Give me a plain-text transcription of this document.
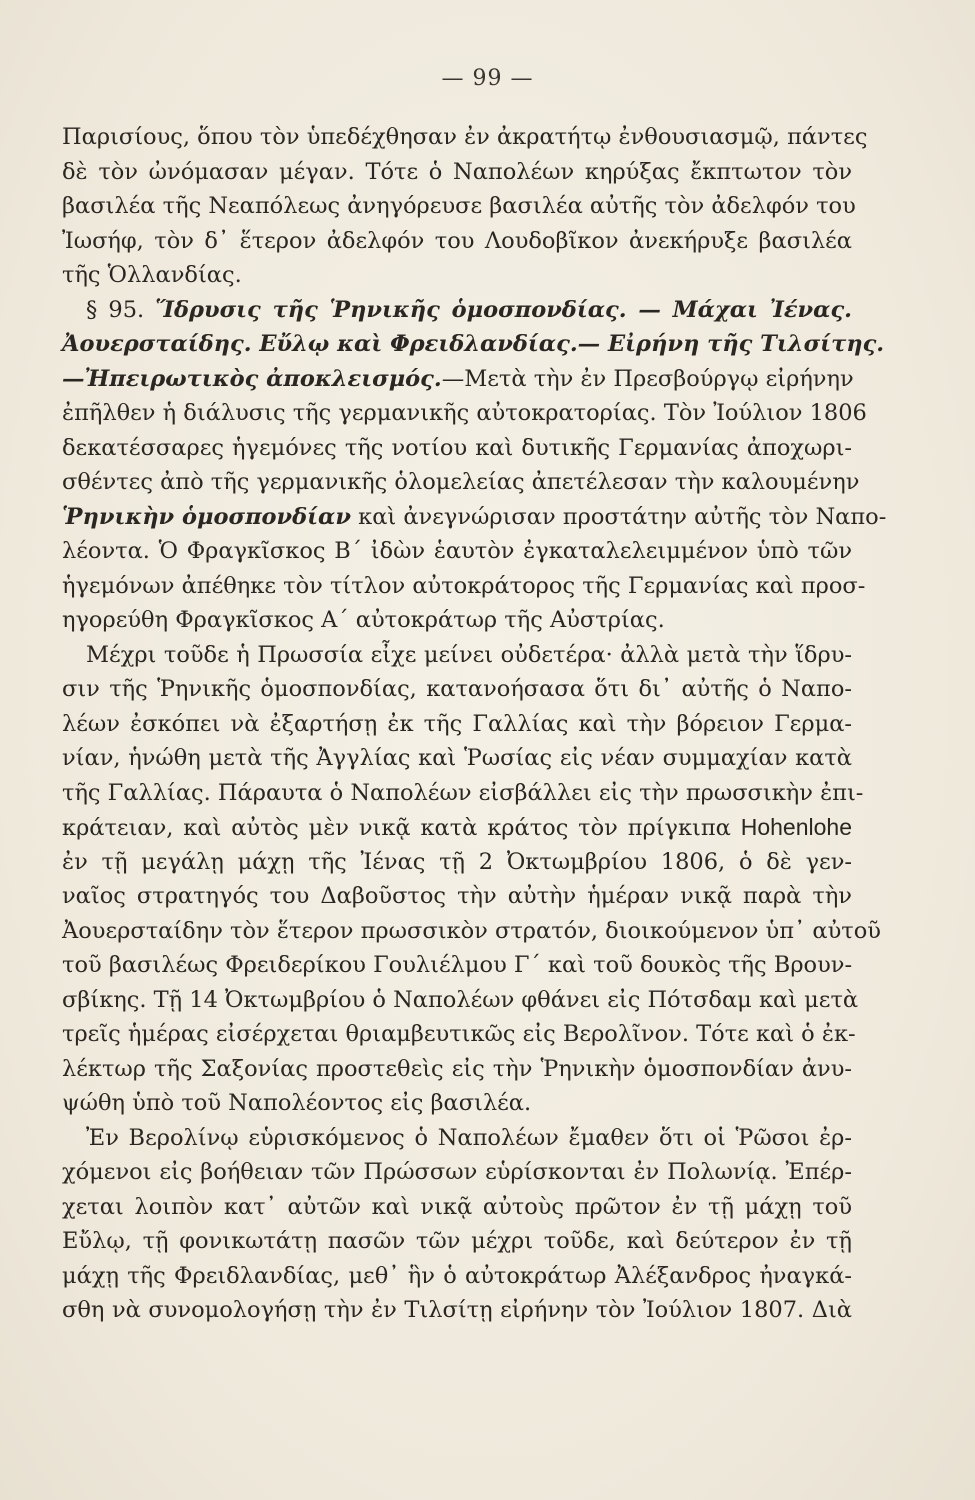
— 99 —
Παρισίους, ὅπου τὸν ὑπεδέχθησαν ἐν ἀκρατήτῳ ἐνθουσιασμῷ, πάντες
δὲ τὸν ὠνόμασαν μέγαν. Τότε ὁ Ναπολέων κηρύξας ἔκπτωτον τὸν
βασιλέα τῆς Νεαπόλεως ἀνηγόρευσε βασιλέα αὐτῆς τὸν ἀδελφόν του
Ἰωσήφ, τὸν δ᾽ ἕτερον ἀδελφόν του Λουδοβῖκον ἀνεκήρυξε βασιλέα
τῆς Ὁλλανδίας.
§ 95. Ἵδρυσις τῆς Ῥηνικῆς ὁμοσπονδίας. — Μάχαι Ἰένας.
Ἀουερσταίδης. Εὔλῳ καὶ Φρειδλανδίας.— Εἰρήνη τῆς Τιλσίτης.
—Ἠπειρωτικὸς ἀποκλεισμός.—Μετὰ τὴν ἐν Πρεσβούργῳ εἰρήνην
ἐπῆλθεν ἡ διάλυσις τῆς γερμανικῆς αὐτοκρατορίας. Τὸν Ἰούλιον 1806
δεκατέσσαρες ἡγεμόνες τῆς νοτίου καὶ δυτικῆς Γερμανίας ἀποχωρι-
σθέντες ἀπὸ τῆς γερμανικῆς ὁλομελείας ἀπετέλεσαν τὴν καλουμένην
Ῥηνικὴν ὁμοσπονδίαν καὶ ἀνεγνώρισαν προστάτην αὐτῆς τὸν Ναπο-
λέοντα. Ὁ Φραγκῖσκος Β´ ἰδὼν ἑαυτὸν ἐγκαταλελειμμένον ὑπὸ τῶν
ἡγεμόνων ἀπέθηκε τὸν τίτλον αὐτοκράτορος τῆς Γερμανίας καὶ προσ-
ηγορεύθη Φραγκῖσκος Α´ αὐτοκράτωρ τῆς Αὐστρίας.
Μέχρι τοῦδε ἡ Πρωσσία εἶχε μείνει οὐδετέρα· ἀλλὰ μετὰ τὴν ἵδρυ-
σιν τῆς Ῥηνικῆς ὁμοσπονδίας, κατανοήσασα ὅτι δι᾽ αὐτῆς ὁ Ναπο-
λέων ἐσκόπει νὰ ἐξαρτήσῃ ἐκ τῆς Γαλλίας καὶ τὴν βόρειον Γερμα-
νίαν, ἡνώθη μετὰ τῆς Ἀγγλίας καὶ Ῥωσίας εἰς νέαν συμμαχίαν κατὰ
τῆς Γαλλίας. Πάραυτα ὁ Ναπολέων εἰσβάλλει εἰς τὴν πρωσσικὴν ἐπι-
κράτειαν, καὶ αὐτὸς μὲν νικᾷ κατὰ κράτος τὸν πρίγκιπα Hohenlohe
ἐν τῇ μεγάλῃ μάχῃ τῆς Ἰένας τῇ 2 Ὀκτωμβρίου 1806, ὁ δὲ γεν-
ναῖος στρατηγός του Δαβοῦστος τὴν αὐτὴν ἡμέραν νικᾷ παρὰ τὴν
Ἀουερσταίδην τὸν ἕτερον πρωσσικὸν στρατόν, διοικούμενον ὑπ᾽ αὐτοῦ
τοῦ βασιλέως Φρειδερίκου Γουλιέλμου Γ´ καὶ τοῦ δουκὸς τῆς Βρουν-
σβίκης. Τῇ 14 Ὀκτωμβρίου ὁ Ναπολέων φθάνει εἰς Πότσδαμ καὶ μετὰ
τρεῖς ἡμέρας εἰσέρχεται θριαμβευτικῶς εἰς Βερολῖνον. Τότε καὶ ὁ ἐκ-
λέκτωρ τῆς Σαξονίας προστεθεὶς εἰς τὴν Ῥηνικὴν ὁμοσπονδίαν ἀνυ-
ψώθη ὑπὸ τοῦ Ναπολέοντος εἰς βασιλέα.
Ἐν Βερολίνῳ εὑρισκόμενος ὁ Ναπολέων ἔμαθεν ὅτι οἱ Ῥῶσοι ἐρ-
χόμενοι εἰς βοήθειαν τῶν Πρώσσων εὑρίσκονται ἐν Πολωνίᾳ. Ἐπέρ-
χεται λοιπὸν κατ᾽ αὐτῶν καὶ νικᾷ αὐτοὺς πρῶτον ἐν τῇ μάχῃ τοῦ
Εὔλῳ, τῇ φονικωτάτῃ πασῶν τῶν μέχρι τοῦδε, καὶ δεύτερον ἐν τῇ
μάχῃ τῆς Φρειδλανδίας, μεθ᾽ ἣν ὁ αὐτοκράτωρ Ἀλέξανδρος ἠναγκά-
σθη νὰ συνομολογήσῃ τὴν ἐν Τιλσίτῃ εἰρήνην τὸν Ἰούλιον 1807. Διὰ
